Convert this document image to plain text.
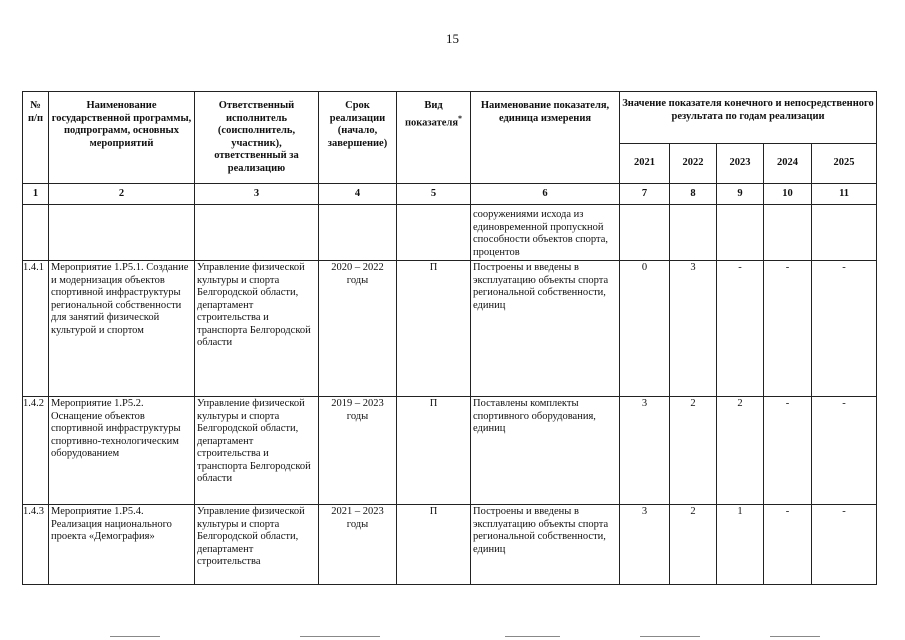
15
№ п/п	Наименование государственной программы, подпрограмм, основных мероприятий	Ответственный исполнитель (соисполнитель, участник), ответственный за реализацию	Срок реализации (начало, завершение)	Вид показателя*	Наименование показателя, единица измерения	Значение показателя конечного и непосредственного результата по годам реализации				
						2021	2022	2023	2024	2025
1	2	3	4	5	6	7	8	9	10	11
					сооружениями исхода из единовременной пропускной способности объектов спорта, процентов					
1.4.1	Мероприятие 1.Р5.1. Создание и модернизация объектов спортивной инфраструктуры региональной собственности для занятий физической культурой и спортом	Управление физической культуры и спорта Белгородской области, департамент строительства и транспорта Белгородской области	2020 – 2022 годы	П	Построены и введены в эксплуатацию объекты спорта региональной собственности, единиц	0	3	-	-	-
1.4.2	Мероприятие 1.Р5.2. Оснащение объектов спортивной инфраструктуры спортивно-технологическим оборудованием	Управление физической культуры и спорта Белгородской области, департамент строительства и транспорта Белгородской области	2019 – 2023 годы	П	Поставлены комплекты спортивного оборудования, единиц	3	2	2	-	-
1.4.3	Мероприятие 1.Р5.4. Реализация национального проекта «Демография»	Управление физической культуры и спорта Белгородской области, департамент строительства	2021 – 2023 годы	П	Построены и введены в эксплуатацию объекты спорта региональной собственности, единиц	3	2	1	-	-
